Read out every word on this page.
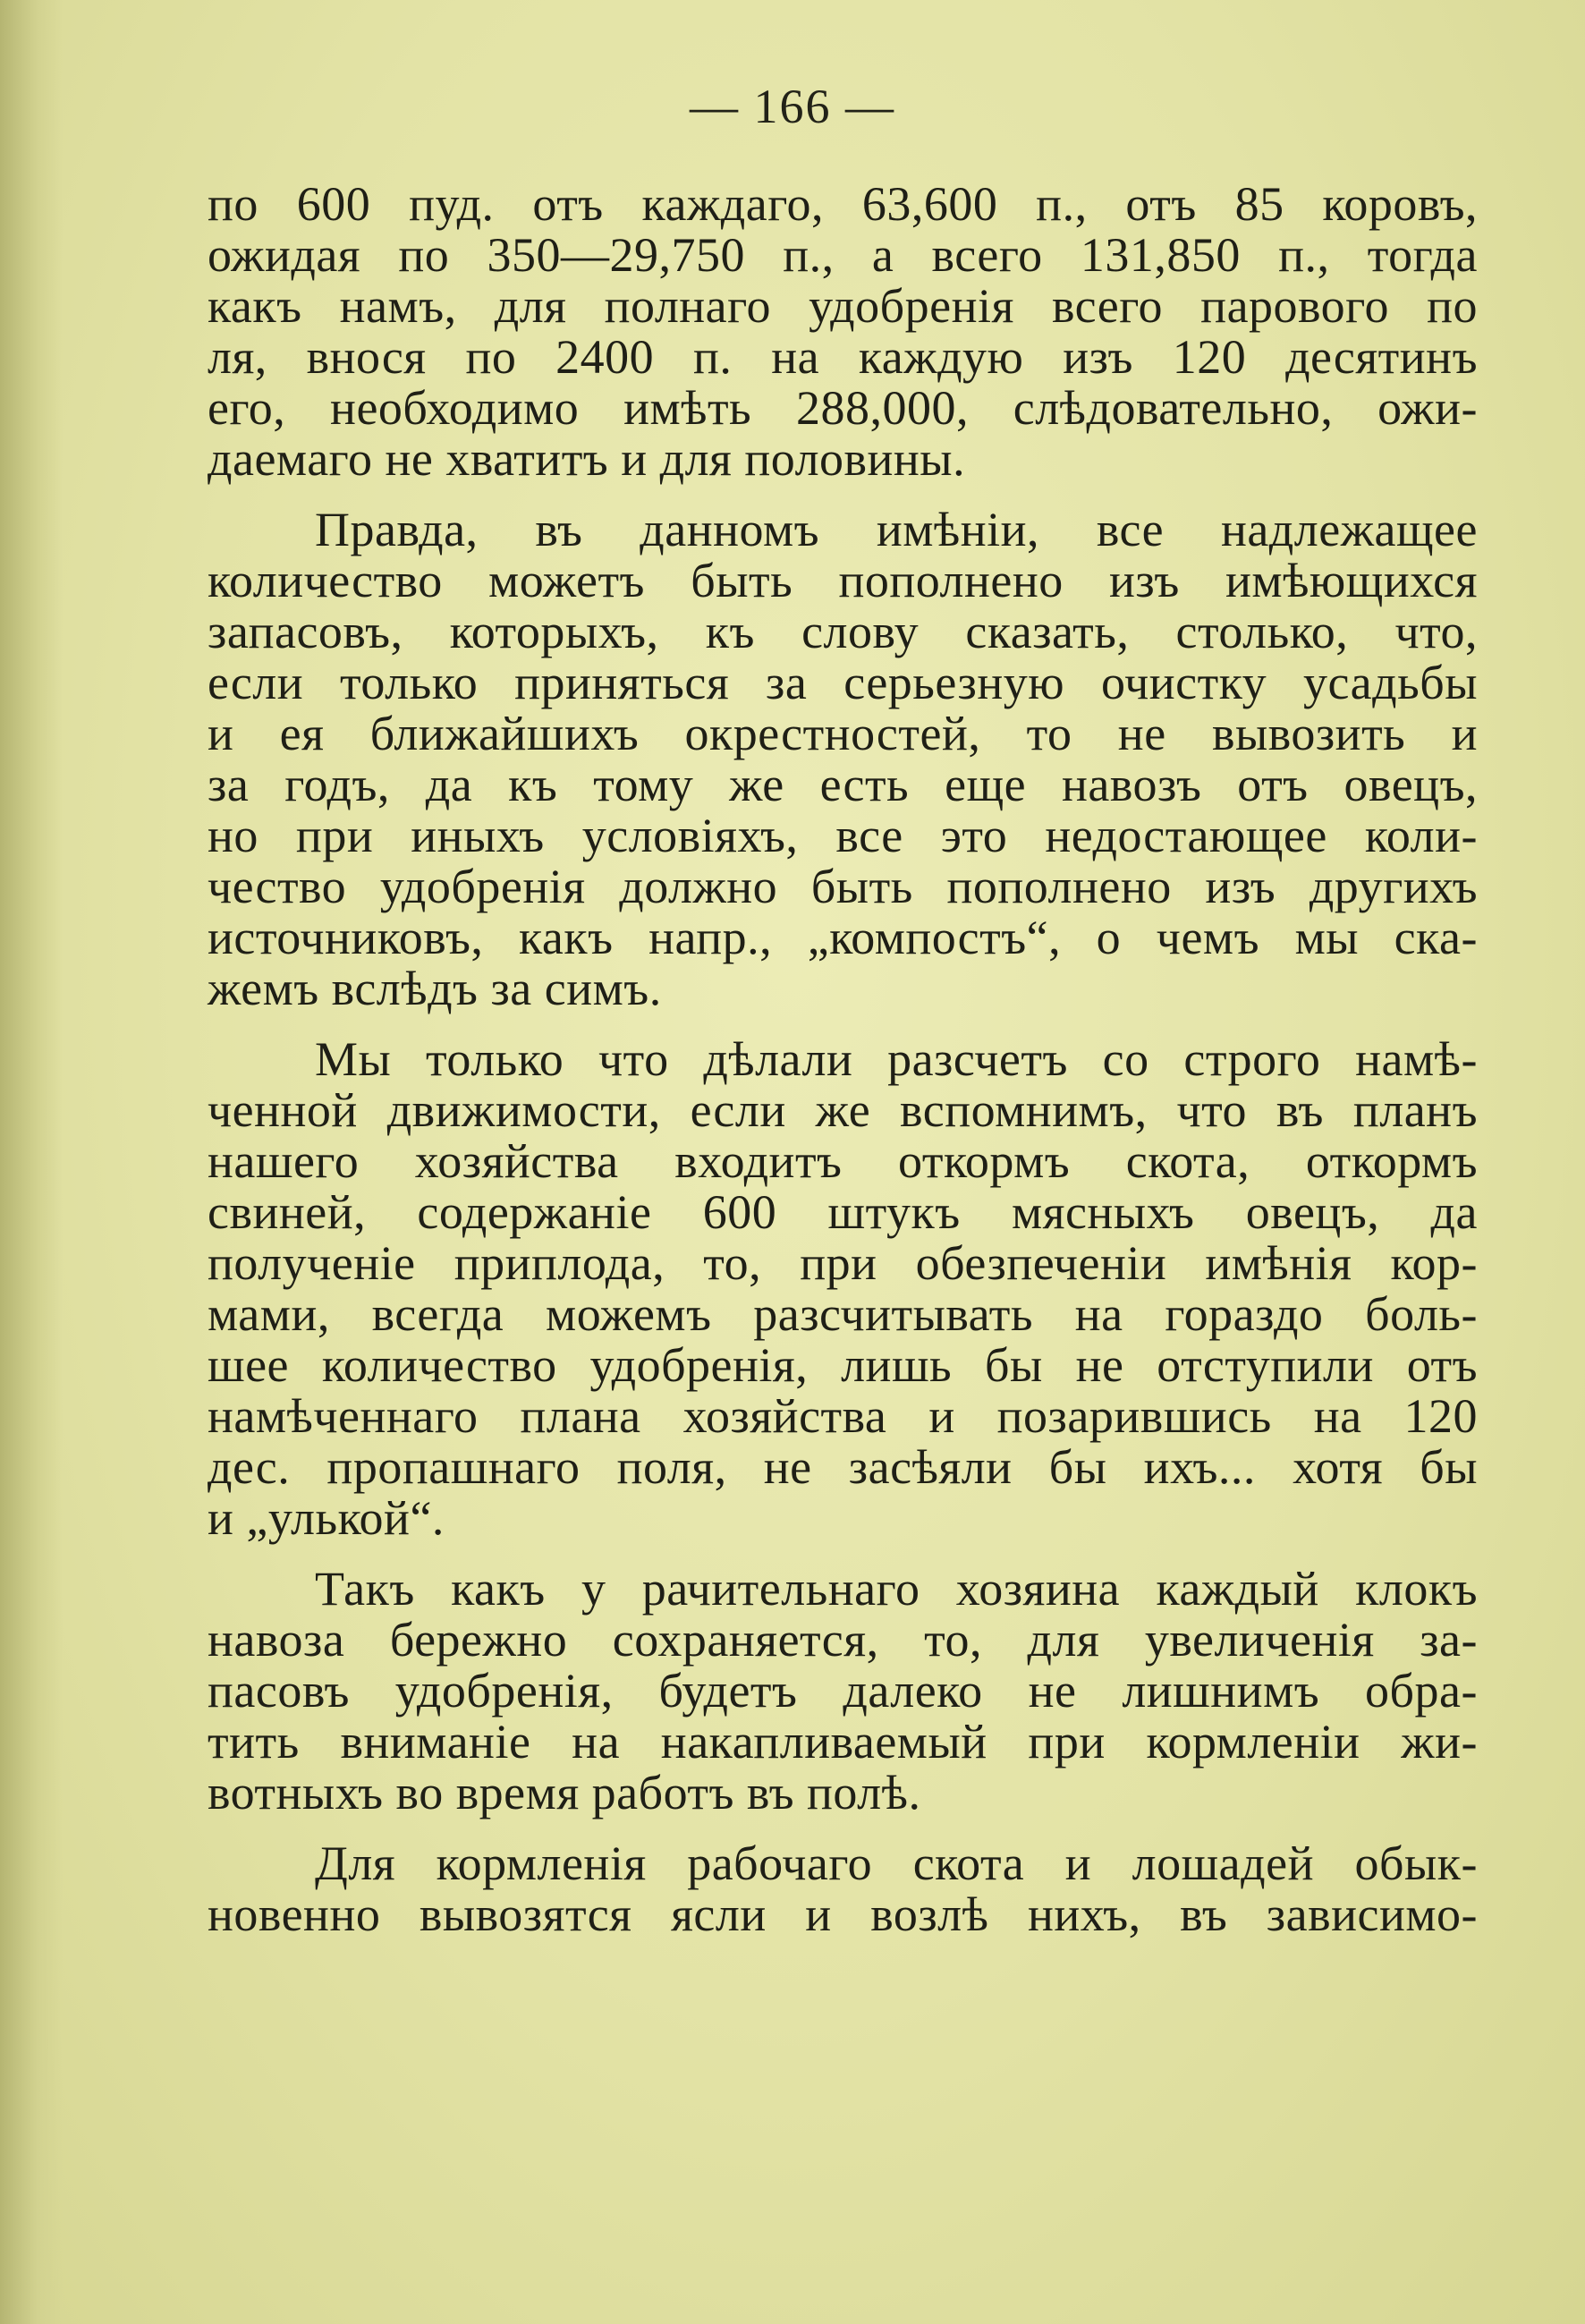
— 166 —
по 600 пуд. отъ каждаго, 63,600 п., отъ 85 коровъ,
ожидая по 350—29,750 п., а всего 131,850 п., тогда
какъ намъ, для полнаго удобренія всего парового по
ля, внося по 2400 п. на каждую изъ 120 десятинъ
его, необходимо имѣть 288,000, слѣдовательно, ожи-
даемаго не хватитъ и для половины.
Правда, въ данномъ имѣніи, все надлежащее
количество можетъ быть пополнено изъ имѣющихся
запасовъ, которыхъ, къ слову сказать, столько, что,
если только приняться за серьезную очистку усадьбы
и ея ближайшихъ окрестностей, то не вывозить и
за годъ, да къ тому же есть еще навозъ отъ овецъ,
но при иныхъ условіяхъ, все это недостающее коли-
чество удобренія должно быть пополнено изъ другихъ
источниковъ, какъ напр., „компостъ“, о чемъ мы ска-
жемъ вслѣдъ за симъ.
Мы только что дѣлали разсчетъ со строго намѣ-
ченной движимости, если же вспомнимъ, что въ планъ
нашего хозяйства входитъ откормъ скота, откормъ
свиней, содержаніе 600 штукъ мясныхъ овецъ, да
полученіе приплода, то, при обезпеченіи имѣнія кор-
мами, всегда можемъ разсчитывать на гораздо боль-
шее количество удобренія, лишь бы не отступили отъ
намѣченнаго плана хозяйства и позарившись на 120
дес. пропашнаго поля, не засѣяли бы ихъ... хотя бы
и „улькой“.
Такъ какъ у рачительнаго хозяина каждый клокъ
навоза бережно сохраняется, то, для увеличенія за-
пасовъ удобренія, будетъ далеко не лишнимъ обра-
тить вниманіе на накапливаемый при кормленіи жи-
вотныхъ во время работъ въ полѣ.
Для кормленія рабочаго скота и лошадей обык-
новенно вывозятся ясли и возлѣ нихъ, въ зависимо-
